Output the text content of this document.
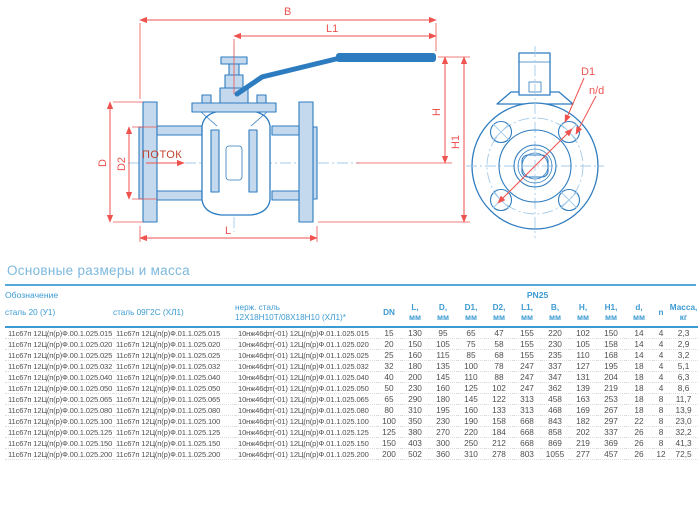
B
L1
D D2
L
H
H1
ПОТОК
D1
n/d
Основные размеры и масса
Обозначение			PN25											
сталь 20 (У1)	сталь 09Г2С (ХЛ1)	
нерж. сталь
12Х18Н10Т/08Х18Н10 (ХЛ1)*

DN

L,
мм

D,
мм

D1,
мм

D2,
мм

L1,
мм

B,
мм

H,
мм

H1,
мм

d,
мм

n

Масса,
кг

11с67п 12Ц(п(р)Ф.00.1.025.015	11с67п 12Ц(п(р)Ф.01.1.025.015	10нж46фт(-01) 12Ц(п(р)Ф.01.1.025.015	15	130	95	65	47	155	220	102	150	14	4	2,3
11с67п 12Ц(п(р)Ф.00.1.025.020	11с67п 12Ц(п(р)Ф.01.1.025.020	10нж46фт(-01) 12Ц(п(р)Ф.01.1.025.020	20	150	105	75	58	155	230	105	158	14	4	2,9
11с67п 12Ц(п(р)Ф.00.1.025.025	11с67п 12Ц(п(р)Ф.01.1.025.025	10нж46фт(-01) 12Ц(п(р)Ф.01.1.025.025	25	160	115	85	68	155	235	110	168	14	4	3,2
11с67п 12Ц(п(р)Ф.00.1.025.032	11с67п 12Ц(п(р)Ф.01.1.025.032	10нж46фт(-01) 12Ц(п(р)Ф.01.1.025.032	32	180	135	100	78	247	337	127	195	18	4	5,1
11с67п 12Ц(п(р)Ф.00.1.025.040	11с67п 12Ц(п(р)Ф.01.1.025.040	10нж46фт(-01) 12Ц(п(р)Ф.01.1.025.040	40	200	145	110	88	247	347	131	204	18	4	6,3
11с67п 12Ц(п(р)Ф.00.1.025.050	11с67п 12Ц(п(р)Ф.01.1.025.050	10нж46фт(-01) 12Ц(п(р)Ф.01.1.025.050	50	230	160	125	102	247	362	139	219	18	4	8,6
11с67п 12Ц(п(р)Ф.00.1.025.065	11с67п 12Ц(п(р)Ф.01.1.025.065	10нж46фт(-01) 12Ц(п(р)Ф.01.1.025.065	65	290	180	145	122	313	458	163	253	18	8	11,7
11с67п 12Ц(п(р)Ф.00.1.025.080	11с67п 12Ц(п(р)Ф.01.1.025.080	10нж46фт(-01) 12Ц(п(р)Ф.01.1.025.080	80	310	195	160	133	313	468	169	267	18	8	13,9
11с67п 12Ц(п(р)Ф.00.1.025.100	11с67п 12Ц(п(р)Ф.01.1.025.100	10нж46фт(-01) 12Ц(п(р)Ф.01.1.025.100	100	350	230	190	158	668	843	182	297	22	8	23,0
11с67п 12Ц(п(р)Ф.00.1.025.125	11с67п 12Ц(п(р)Ф.01.1.025.125	10нж46фт(-01) 12Ц(п(р)Ф.01.1.025.125	125	380	270	220	184	668	858	202	337	26	8	32,2
11с67п 12Ц(п(р)Ф.00.1.025.150	11с67п 12Ц(п(р)Ф.01.1.025.150	10нж46фт(-01) 12Ц(п(р)Ф.01.1.025.150	150	403	300	250	212	668	869	219	369	26	8	41,3
11с67п 12Ц(п(р)Ф.00.1.025.200	11с67п 12Ц(п(р)Ф.01.1.025.200	10нж46фт(-01) 12Ц(п(р)Ф.01.1.025.200	200	502	360	310	278	803	1055	277	457	26	12	72,5
